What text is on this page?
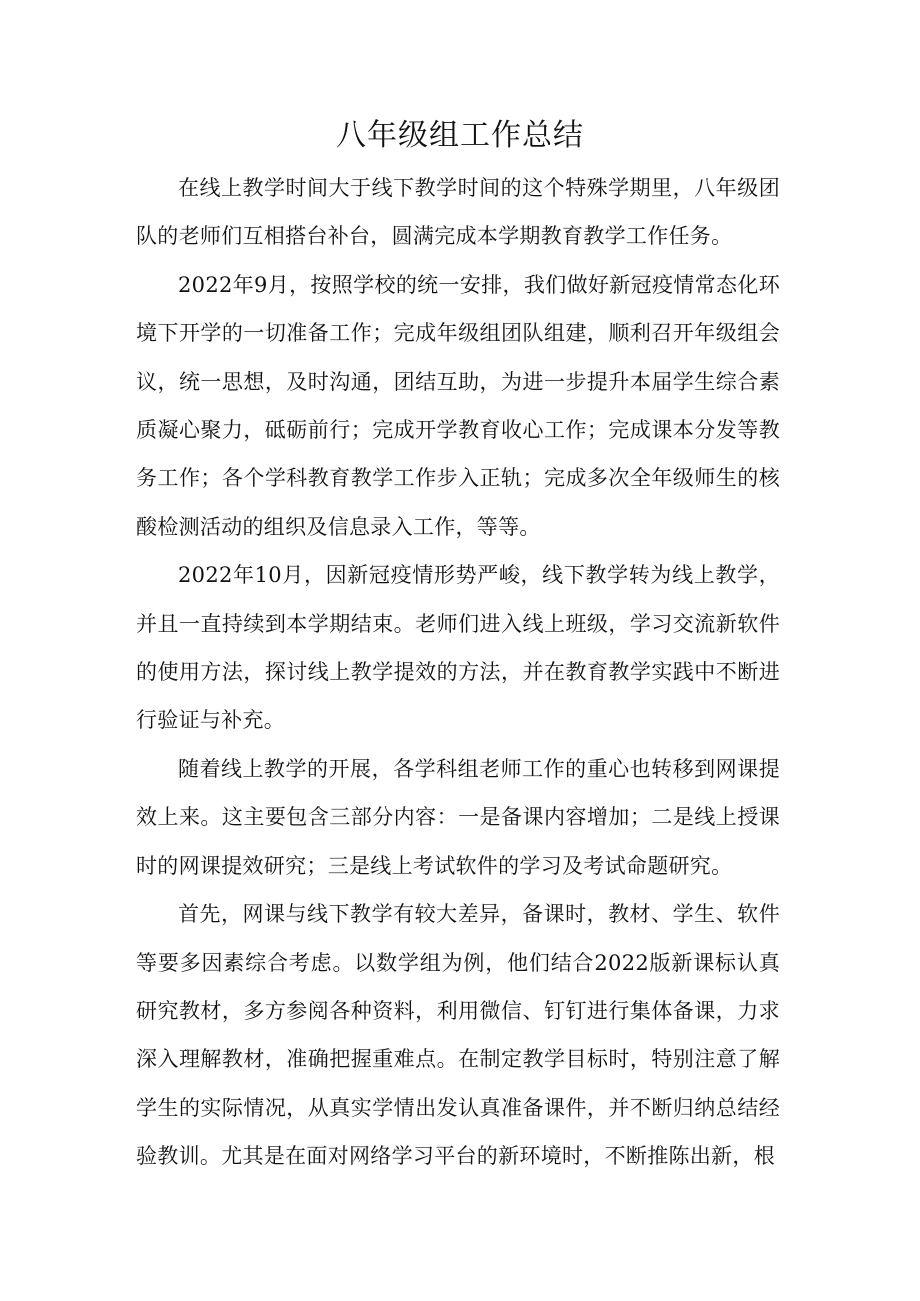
八年级组工作总结

在线上教学时间大于线下教学时间的这个特殊学期里，八年级团队的老师们互相搭台补台，圆满完成本学期教育教学工作任务。

2022年9月，按照学校的统一安排，我们做好新冠疫情常态化环境下开学的一切准备工作；完成年级组团队组建，顺利召开年级组会议，统一思想，及时沟通，团结互助，为进一步提升本届学生综合素质凝心聚力，砥砺前行；完成开学教育收心工作；完成课本分发等教务工作；各个学科教育教学工作步入正轨；完成多次全年级师生的核酸检测活动的组织及信息录入工作，等等。

2022年10月，因新冠疫情形势严峻，线下教学转为线上教学，并且一直持续到本学期结束。老师们进入线上班级，学习交流新软件的使用方法，探讨线上教学提效的方法，并在教育教学实践中不断进行验证与补充。

随着线上教学的开展，各学科组老师工作的重心也转移到网课提效上来。这主要包含三部分内容：一是备课内容增加；二是线上授课时的网课提效研究；三是线上考试软件的学习及考试命题研究。

首先，网课与线下教学有较大差异，备课时，教材、学生、软件等要多因素综合考虑。以数学组为例，他们结合2022版新课标认真研究教材，多方参阅各种资料，利用微信、钉钉进行集体备课，力求深入理解教材，准确把握重难点。在制定教学目标时，特别注意了解学生的实际情况，从真实学情出发认真准备课件，并不断归纳总结经验教训。尤其是在面对网络学习平台的新环境时，不断推陈出新，根
